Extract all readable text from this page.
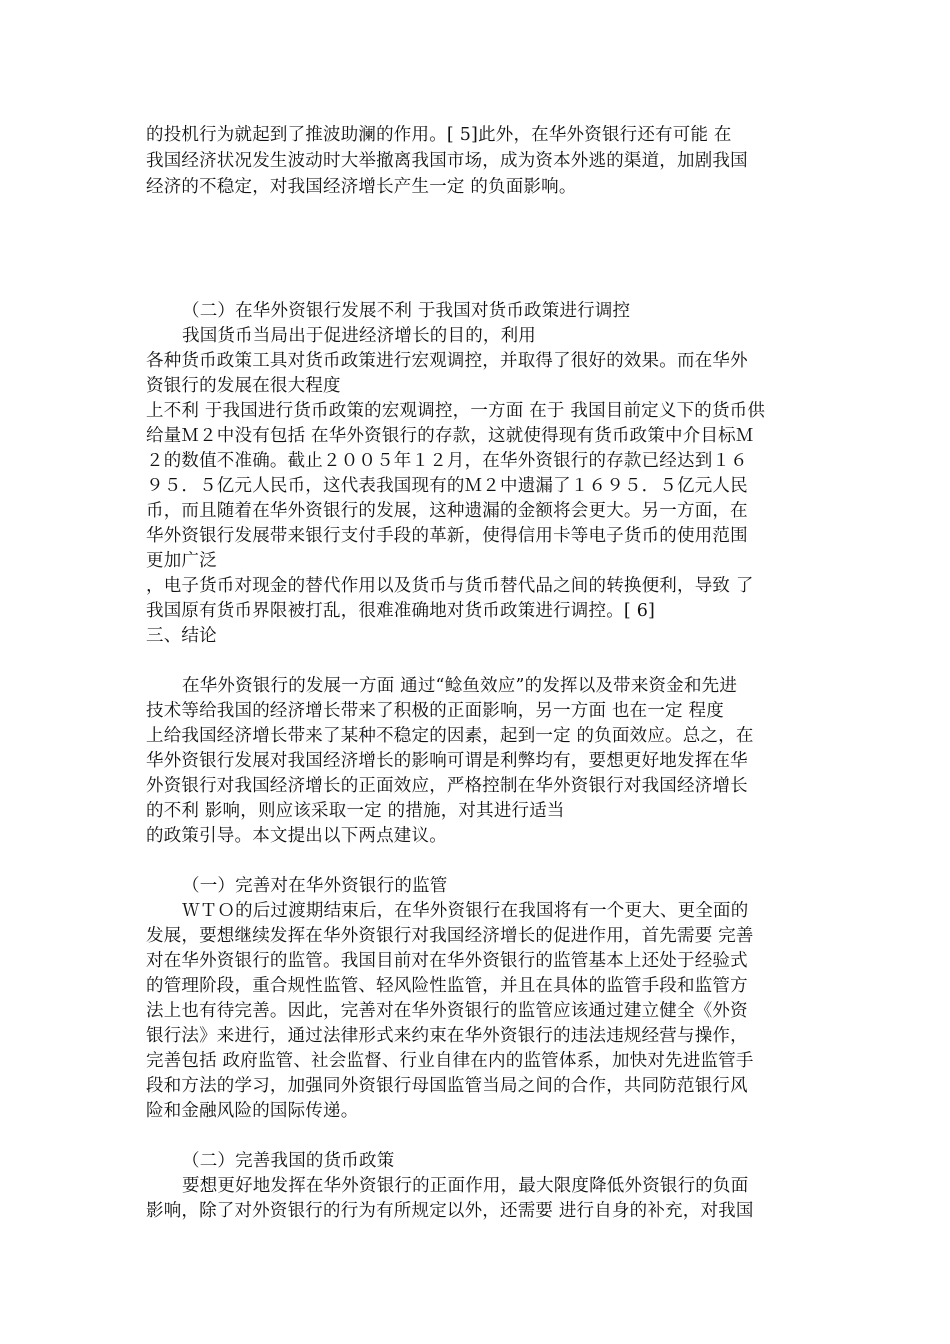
的投机行为就起到了推波助澜的作用。[ 5]此外，在华外资银行还有可能 在
我国经济状况发生波动时大举撤离我国市场，成为资本外逃的渠道，加剧我国
经济的不稳定，对我国经济增长产生一定 的负面影响。
（二）在华外资银行发展不利 于我国对货币政策进行调控
我国货币当局出于促进经济增长的目的，利用
各种货币政策工具对货币政策进行宏观调控，并取得了很好的效果。而在华外
资银行的发展在很大程度
上不利 于我国进行货币政策的宏观调控，一方面 在于 我国目前定义下的货币供
给量Ｍ２中没有包括 在华外资银行的存款，这就使得现有货币政策中介目标Ｍ
２的数值不准确。截止２００５年１２月，在华外资银行的存款已经达到１６
９５．５亿元人民币，这代表我国现有的Ｍ２中遗漏了１６９５．５亿元人民
币，而且随着在华外资银行的发展，这种遗漏的金额将会更大。另一方面，在
华外资银行发展带来银行支付手段的革新，使得信用卡等电子货币的使用范围
更加广泛
，电子货币对现金的替代作用以及货币与货币替代品之间的转换便利，导致 了
我国原有货币界限被打乱，很难准确地对货币政策进行调控。[ 6]
三、结论
在华外资银行的发展一方面 通过“鲶鱼效应”的发挥以及带来资金和先进
技术等给我国的经济增长带来了积极的正面影响，另一方面 也在一定 程度
上给我国经济增长带来了某种不稳定的因素，起到一定 的负面效应。总之，在
华外资银行发展对我国经济增长的影响可谓是利弊均有，要想更好地发挥在华
外资银行对我国经济增长的正面效应，严格控制在华外资银行对我国经济增长
的不利 影响，则应该采取一定 的措施，对其进行适当
的政策引导。本文提出以下两点建议。
（一）完善对在华外资银行的监管
ＷＴＯ的后过渡期结束后，在华外资银行在我国将有一个更大、更全面的
发展，要想继续发挥在华外资银行对我国经济增长的促进作用，首先需要 完善
对在华外资银行的监管。我国目前对在华外资银行的监管基本上还处于经验式
的管理阶段，重合规性监管、轻风险性监管，并且在具体的监管手段和监管方
法上也有待完善。因此，完善对在华外资银行的监管应该通过建立健全《外资
银行法》来进行，通过法律形式来约束在华外资银行的违法违规经营与操作，
完善包括 政府监管、社会监督、行业自律在内的监管体系，加快对先进监管手
段和方法的学习，加强同外资银行母国监管当局之间的合作，共同防范银行风
险和金融风险的国际传递。
（二）完善我国的货币政策
要想更好地发挥在华外资银行的正面作用，最大限度降低外资银行的负面
影响，除了对外资银行的行为有所规定以外，还需要 进行自身的补充，对我国
